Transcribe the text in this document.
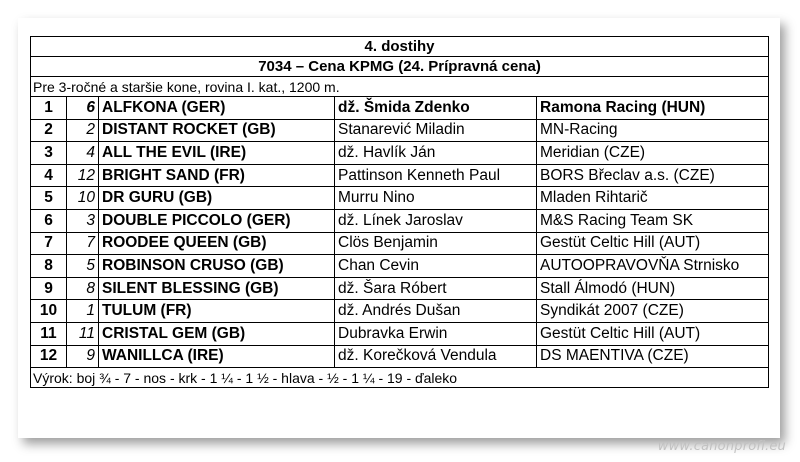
4. dostihy				
7034 – Cena KPMG (24. Prípravná cena)				
Pre 3-ročné a staršie kone, rovina I. kat., 1200 m.				
1	6	ALFKONA (GER)	dž. Šmida Zdenko	Ramona Racing (HUN)
2	2	DISTANT ROCKET (GB)	Stanarević Miladin	MN-Racing
3	4	ALL THE EVIL (IRE)	dž. Havlík Ján	Meridian (CZE)
4	12	BRIGHT SAND (FR)	Pattinson Kenneth Paul	BORS Břeclav a.s. (CZE)
5	10	DR GURU (GB)	Murru Nino	Mladen Rihtarič
6	3	DOUBLE PICCOLO (GER)	dž. Línek Jaroslav	M&S Racing Team SK
7	7	ROODEE QUEEN (GB)	Clös Benjamin	Gestüt Celtic Hill (AUT)
8	5	ROBINSON CRUSO (GB)	Chan Cevin	AUTOOPRAVOVŇA Strnisko
9	8	SILENT BLESSING (GB)	dž. Šara Róbert	Stall Álmodó (HUN)
10	1	TULUM (FR)	dž. Andrés Dušan	Syndikát 2007 (CZE)
11	11	CRISTAL GEM (GB)	Dubravka Erwin	Gestüt Celtic Hill (AUT)
12	9	WANILLCA (IRE)	dž. Korečková Vendula	DS MAENTIVA (CZE)
Výrok: boj ¾ - 7 - nos - krk - 1 ¼ - 1 ½ - hlava - ½ - 1 ¼ - 19 - ďaleko				
www.canonprofi.eu
